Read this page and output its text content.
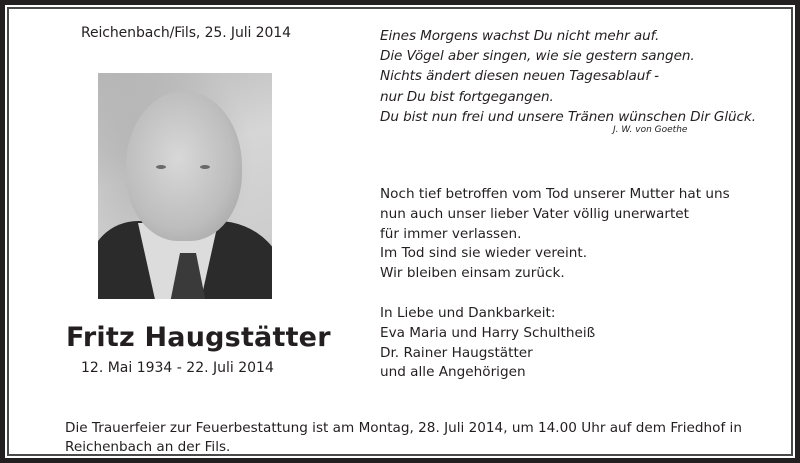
Reichenbach/Fils, 25. Juli 2014	Eines Morgens wachst Du nicht mehr auf.
Die Vögel aber singen, wie sie gestern sangen.
Nichts ändert diesen neuen Tagesablauf -
nur Du bist fortgegangen.
Du bist nun frei und unsere Tränen wünschen Dir Glück.
J. W. von Goethe
Fritz Haugstätter
12. Mai 1934 - 22. Juli 2014
Noch tief betroffen vom Tod unserer Mutter hat uns
nun auch unser lieber Vater völlig unerwartet
für immer verlassen.
Im Tod sind sie wieder vereint.
Wir bleiben einsam zurück.
In Liebe und Dankbarkeit:
Eva Maria und Harry Schultheiß
Dr. Rainer Haugstätter
und alle Angehörigen
Die Trauerfeier zur Feuerbestattung ist am Montag, 28. Juli 2014, um 14.00 Uhr auf dem Friedhof in
Reichenbach an der Fils.
